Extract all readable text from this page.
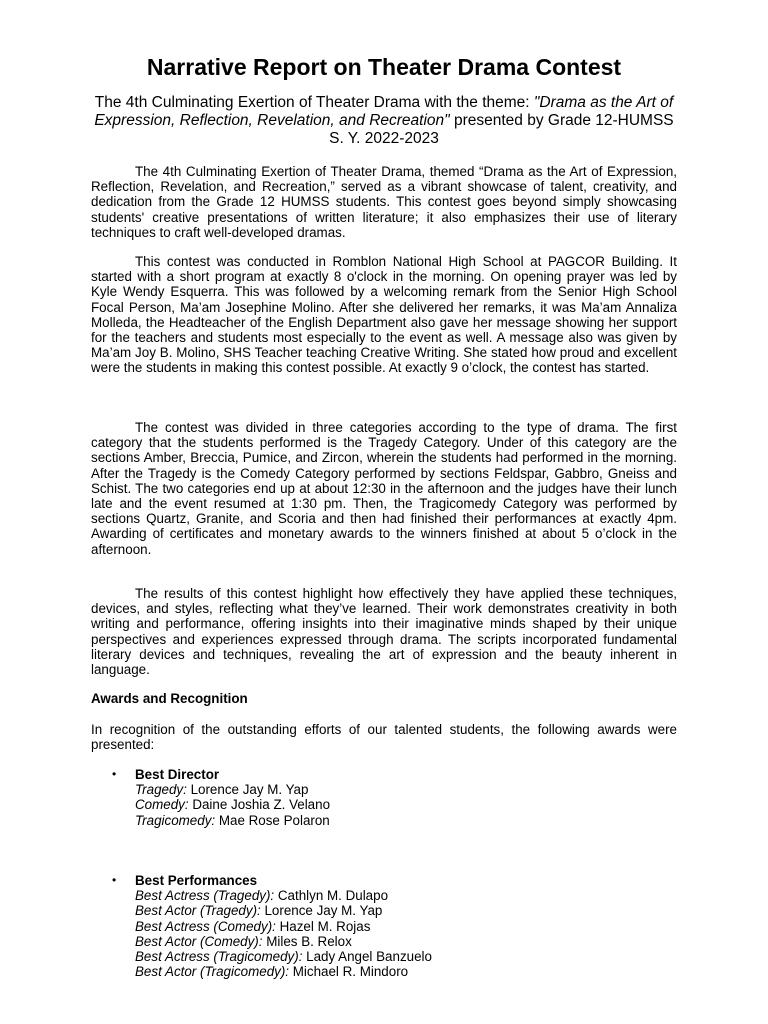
Narrative Report on Theater Drama Contest
The 4th Culminating Exertion of Theater Drama with the theme: "Drama as the Art of Expression, Reflection, Revelation, and Recreation" presented by Grade 12-HUMSS S. Y. 2022-2023
The 4th Culminating Exertion of Theater Drama, themed “Drama as the Art of Expression, Reflection, Revelation, and Recreation,” served as a vibrant showcase of talent, creativity, and dedication from the Grade 12 HUMSS students. This contest goes beyond simply showcasing students' creative presentations of written literature; it also emphasizes their use of literary techniques to craft well-developed dramas.
This contest was conducted in Romblon National High School at PAGCOR Building. It started with a short program at exactly 8 o'clock in the morning. On opening prayer was led by Kyle Wendy Esquerra. This was followed by a welcoming remark from the Senior High School Focal Person, Ma’am Josephine Molino. After she delivered her remarks, it was Ma’am Annaliza Molleda, the Headteacher of the English Department also gave her message showing her support for the teachers and students most especially to the event as well. A message also was given by Ma’am Joy B. Molino, SHS Teacher teaching Creative Writing. She stated how proud and excellent were the students in making this contest possible. At exactly 9 o’clock, the contest has started.
The contest was divided in three categories according to the type of drama. The first category that the students performed is the Tragedy Category. Under of this category are the sections Amber, Breccia, Pumice, and Zircon, wherein the students had performed in the morning. After the Tragedy is the Comedy Category performed by sections Feldspar, Gabbro, Gneiss and Schist. The two categories end up at about 12:30 in the afternoon and the judges have their lunch late and the event resumed at 1:30 pm. Then, the Tragicomedy Category was performed by sections Quartz, Granite, and Scoria and then had finished their performances at exactly 4pm. Awarding of certificates and monetary awards to the winners finished at about 5 o’clock in the afternoon.
The results of this contest highlight how effectively they have applied these techniques, devices, and styles, reflecting what they’ve learned. Their work demonstrates creativity in both writing and performance, offering insights into their imaginative minds shaped by their unique perspectives and experiences expressed through drama. The scripts incorporated fundamental literary devices and techniques, revealing the art of expression and the beauty inherent in language.
Awards and Recognition
In recognition of the outstanding efforts of our talented students, the following awards were presented:
• Best Director
Tragedy: Lorence Jay M. Yap
Comedy: Daine Joshia Z. Velano
Tragicomedy: Mae Rose Polaron
• Best Performances
Best Actress (Tragedy): Cathlyn M. Dulapo
Best Actor (Tragedy): Lorence Jay M. Yap
Best Actress (Comedy): Hazel M. Rojas
Best Actor (Comedy): Miles B. Relox
Best Actress (Tragicomedy): Lady Angel Banzuelo
Best Actor (Tragicomedy): Michael R. Mindoro
